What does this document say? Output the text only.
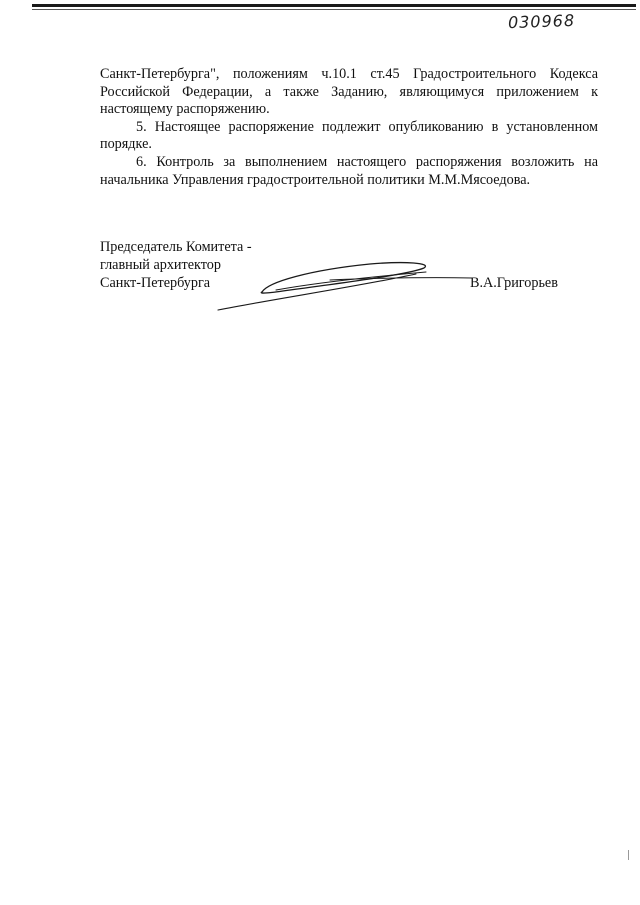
030968

Санкт-Петербурга", положениям ч.10.1 ст.45 Градостроительного Кодекса Российской Федерации, а также Заданию, являющимуся приложением к настоящему распоряжению.

5. Настоящее распоряжение подлежит опубликованию в установленном порядке.

6. Контроль за выполнением настоящего распоряжения возложить на начальника Управления градостроительной политики М.М.Мясоедова.

Председатель Комитета -
главный архитектор
Санкт-Петербурга	В.А.Григорьев
